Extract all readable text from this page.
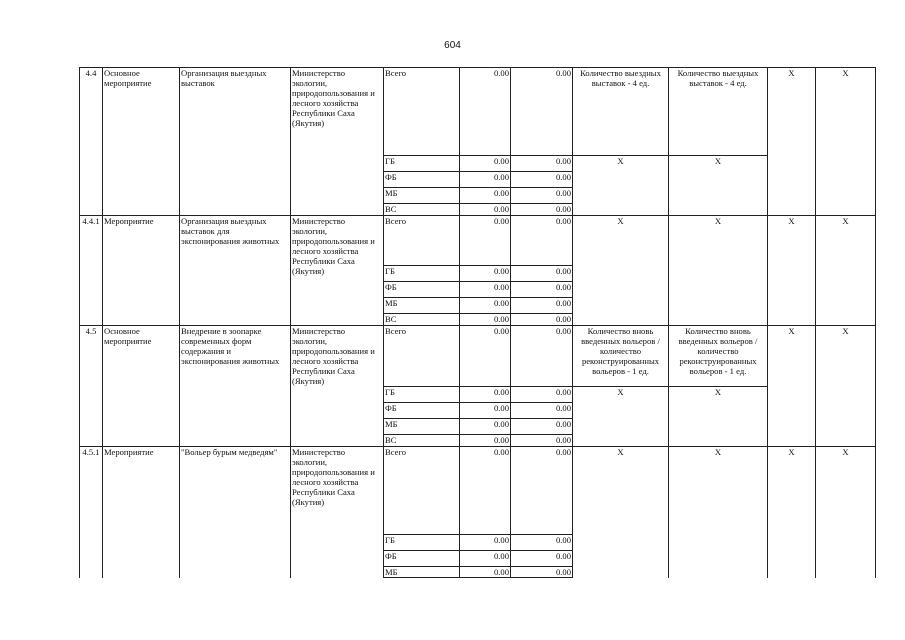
604
4.4	Основное мероприятие	Организация выездных выставок	Министерство экологии, природопользования и лесного хозяйства Республики Саха (Якутия)	Всего	0.00	0.00	Количество выездных выставок - 4 ед.	Количество выездных выставок - 4 ед.	Х	Х
				ГБ	0.00	0.00	Х	Х		
				ФБ	0.00	0.00				
				МБ	0.00	0.00				
				ВС	0.00	0.00				
4.4.1	Мероприятие	Организация выездных выставок для экспонирования животных	Министерство экологии, природопользования и лесного хозяйства Республики Саха (Якутия)	Всего	0.00	0.00	Х	Х	Х	Х
				ГБ	0.00	0.00				
				ФБ	0.00	0.00				
				МБ	0.00	0.00				
				ВС	0.00	0.00				
4.5	Основное мероприятие	Внедрение в зоопарке современных форм содержания и экспонирования животных	Министерство экологии, природопользования и лесного хозяйства Республики Саха (Якутия)	Всего	0.00	0.00	Количество вновь введенных вольеров / количество реконструированных вольеров - 1 ед.	Количество вновь введенных вольеров / количество реконструированных вольеров - 1 ед.	Х	Х
				ГБ	0.00	0.00	Х	Х		
				ФБ	0.00	0.00				
				МБ	0.00	0.00				
				ВС	0.00	0.00				
4.5.1	Мероприятие	"Вольер бурым медведям"	Министерство экологии, природопользования и лесного хозяйства Республики Саха (Якутия)	Всего	0.00	0.00	Х	Х	Х	Х
				ГБ	0.00	0.00				
				ФБ	0.00	0.00				
				МБ	0.00	0.00				
